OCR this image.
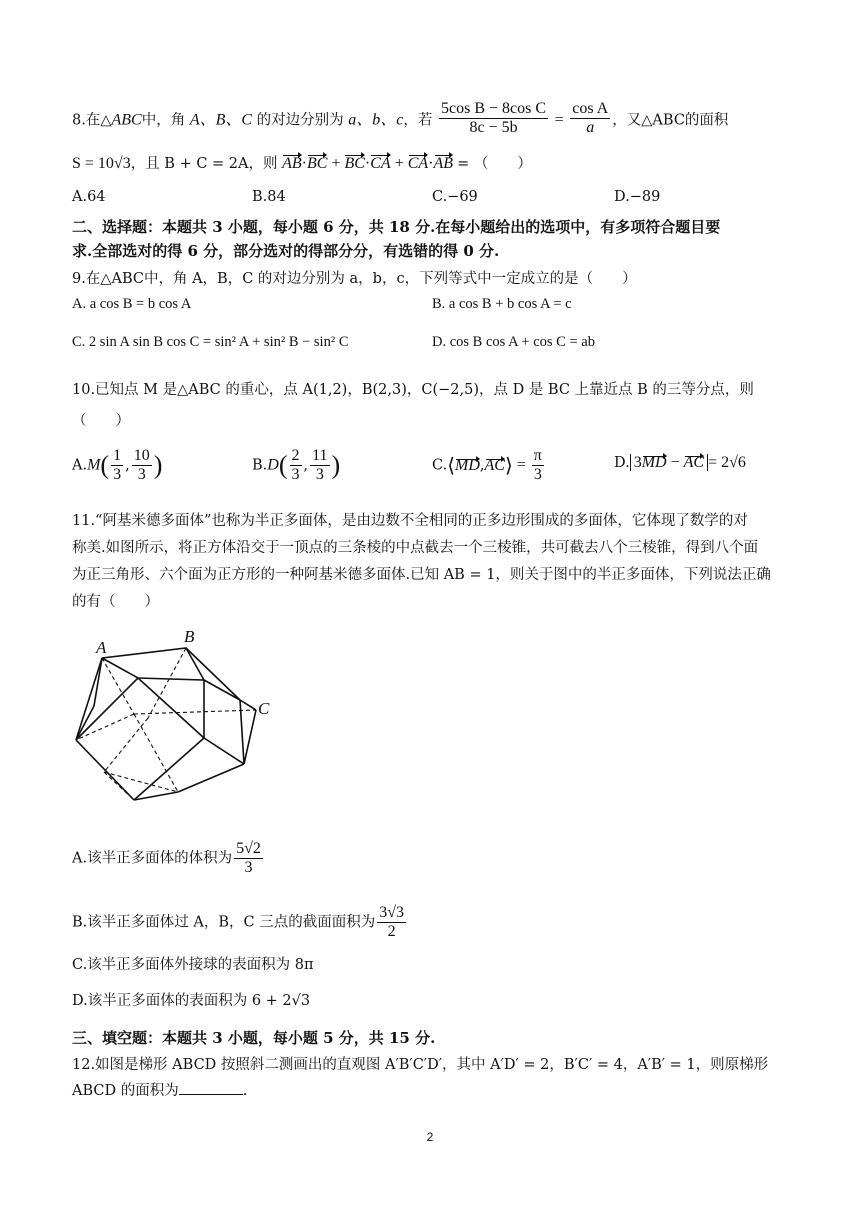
8.在△ABC中，角 A、B、C 的对边分别为 a、b、c，若 $\frac{\text{5cos B − 8cos C}}{8c - 5b} = \frac{\text{cos A}}{a}$ ，又△ABC的面积
S = 10√3，且 B + C = 2A，则 AB·BC + BC·CA + CA·AB = （　　）
A.64	B.84	C.−69	D.−89
二、选择题：本题共 3 小题，每小题 6 分，共 18 分.在每小题给出的选项中，有多项符合题目要
求.全部选对的得 6 分，部分选对的得部分分，有选错的得 0 分.
9.在△ABC中，角 A，B，C 的对边分别为 a，b，c，下列等式中一定成立的是（　　）
A. a cos B = b cos A	B. a cos B + b cos A = c
C. 2 sin A sin B cos C = sin² A + sin² B − sin² C	D. cos B cos A + cos C = ab
10.已知点 M 是△ABC 的重心，点 A(1,2)，B(2,3)，C(−2,5)，点 D 是 BC 上靠近点 B 的三等分点，则
（　　）
$A.M( \frac{1}{3}$ , $\frac{10}{3}$ )	$B.D( \frac{2}{3}$ , $\frac{11}{3}$ )	C.⟨MD,AC⟩ = $\frac{\pi}{3}$	D. 3MD − AC = 2√6
11.“阿基米德多面体”也称为半正多面体，是由边数不全相同的正多边形围成的多面体，它体现了数学的对
称美.如图所示，将正方体沿交于一顶点的三条棱的中点截去一个三棱锥，共可截去八个三棱锥，得到八个面
为正三角形、六个面为正方形的一种阿基米德多面体.已知 AB = 1，则关于图中的半正多面体，下列说法正确
的有（　　）
A
B
C
A.该半正多面体的体积为 $\frac{5√2}{3}$
B.该半正多面体过 A，B，C 三点的截面面积为 $\frac{3√3}{2}$
C.该半正多面体外接球的表面积为 8π
D.该半正多面体的表面积为 6 + 2√3
三、填空题：本题共 3 小题，每小题 5 分，共 15 分.
12.如图是梯形 ABCD 按照斜二测画出的直观图 A′B′C′D′，其中 A′D′ = 2，B′C′ = 4，A′B′ = 1，则原梯形
ABCD 的面积为	.
2
